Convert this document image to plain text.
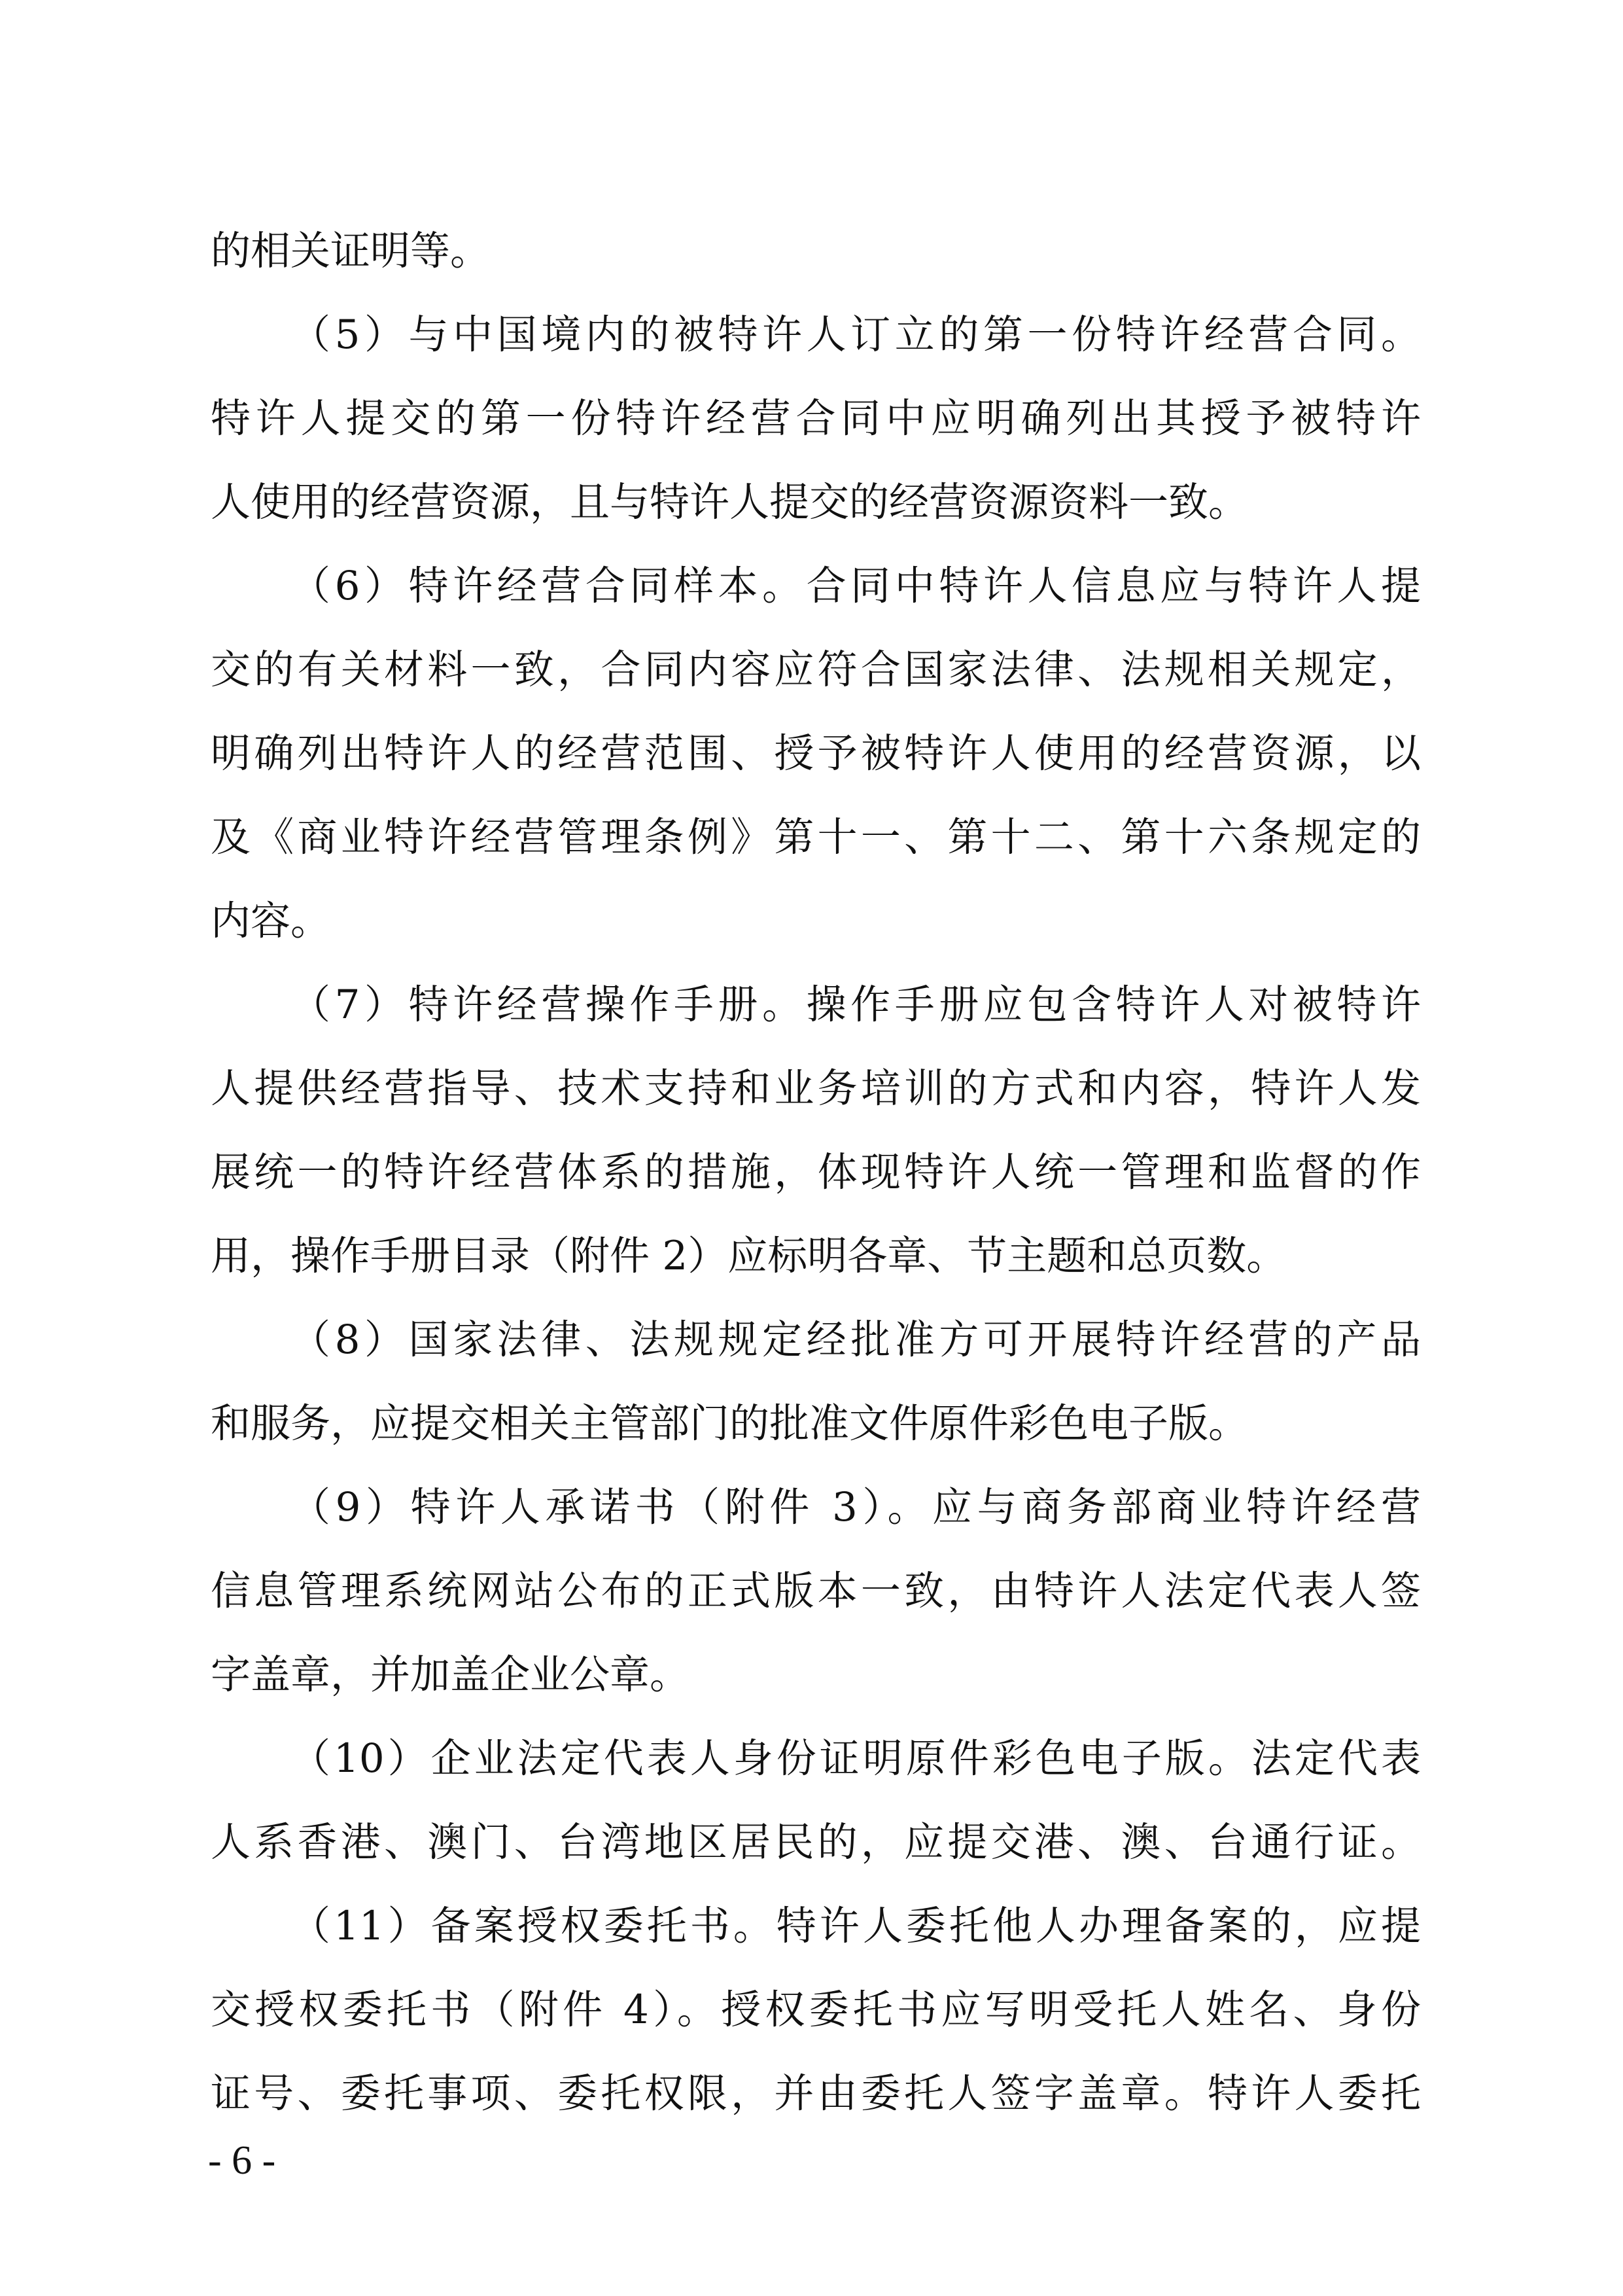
的相关证明等。
（5）与中国境内的被特许人订立的第一份特许经营合同。
特许人提交的第一份特许经营合同中应明确列出其授予被特许
人使用的经营资源，且与特许人提交的经营资源资料一致。
（6）特许经营合同样本。合同中特许人信息应与特许人提
交的有关材料一致，合同内容应符合国家法律、法规相关规定，
明确列出特许人的经营范围、授予被特许人使用的经营资源，以
及《商业特许经营管理条例》第十一、第十二、第十六条规定的
内容。
（7）特许经营操作手册。操作手册应包含特许人对被特许
人提供经营指导、技术支持和业务培训的方式和内容，特许人发
展统一的特许经营体系的措施，体现特许人统一管理和监督的作
用，操作手册目录（附件 2）应标明各章、节主题和总页数。
（8）国家法律、法规规定经批准方可开展特许经营的产品
和服务，应提交相关主管部门的批准文件原件彩色电子版。
（9）特许人承诺书（附件 3）。应与商务部商业特许经营
信息管理系统网站公布的正式版本一致，由特许人法定代表人签
字盖章，并加盖企业公章。
（10）企业法定代表人身份证明原件彩色电子版。法定代表
人系香港、澳门、台湾地区居民的，应提交港、澳、台通行证。
（11）备案授权委托书。特许人委托他人办理备案的，应提
交授权委托书（附件 4）。授权委托书应写明受托人姓名、身份
证号、委托事项、委托权限，并由委托人签字盖章。特许人委托
- 6 -
